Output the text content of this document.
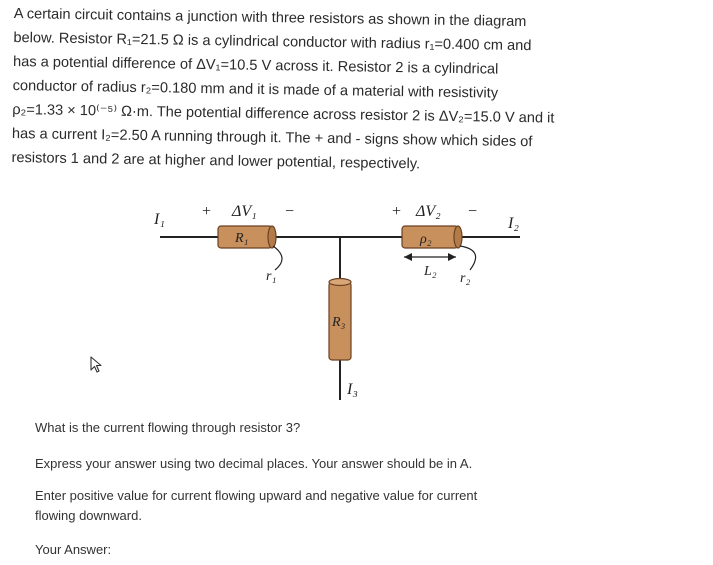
A certain circuit contains a junction with three resistors as shown in the diagram

below. Resistor R₁=21.5 Ω is a cylindrical conductor with radius r₁=0.400 cm and

has a potential difference of ΔV₁=10.5 V across it. Resistor 2 is a cylindrical

conductor of radius r₂=0.180 mm and it is made of a material with resistivity

ρ₂=1.33 × 10⁽⁻⁵⁾ Ω·m. The potential difference across resistor 2 is ΔV₂=15.0 V and it

has a current I₂=2.50 A running through it. The + and - signs show which sides of

resistors 1 and 2 are at higher and lower potential, respectively.

I₁ + ΔV₁ −
R₁
r₁
+ ΔV₂ −
ρ₂
I₂
L₂ r₂
R₃
I₃
What is the current flowing through resistor 3?
Express your answer using two decimal places. Your answer should be in A.
Enter positive value for current flowing upward and negative value for current
flowing downward.
Your Answer:
